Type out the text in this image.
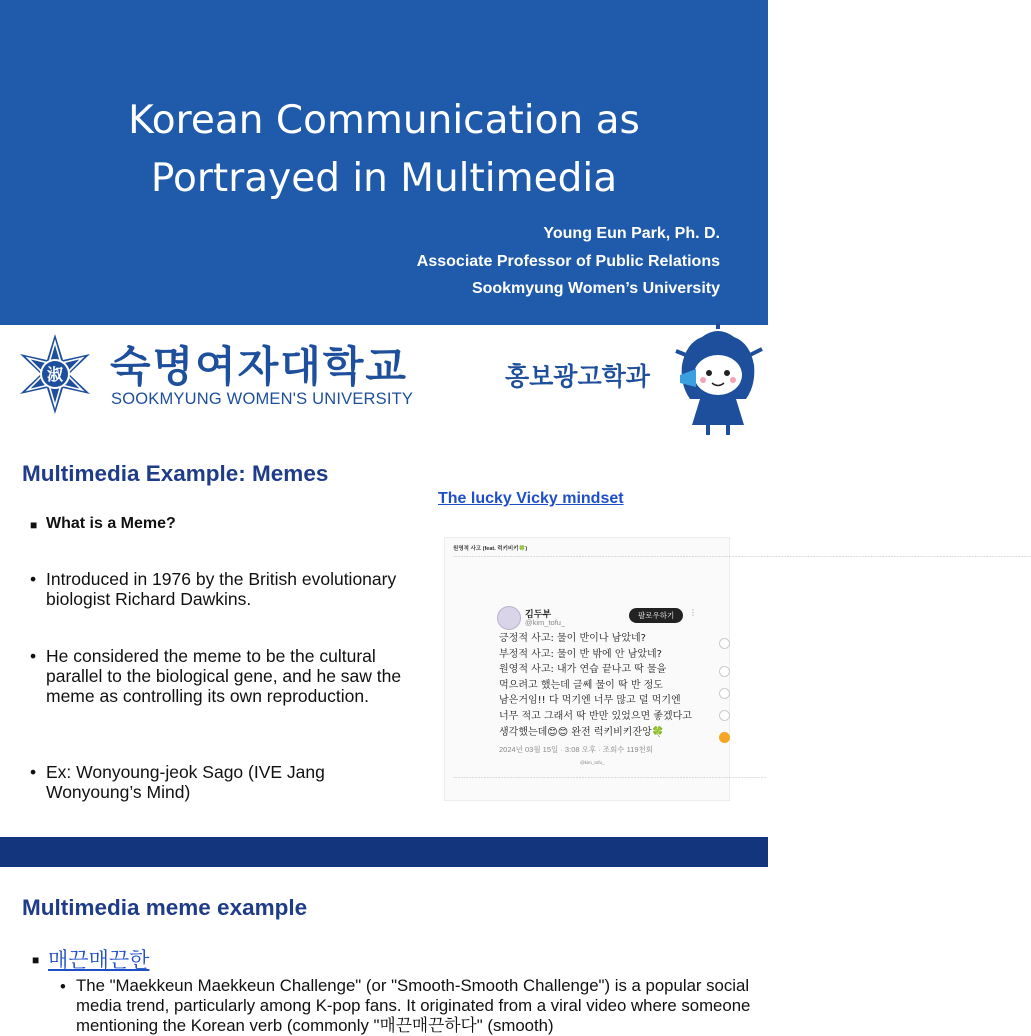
Korean Communication as
Portrayed in Multimedia
Young Eun Park, Ph. D.
Associate Professor of Public Relations
Sookmyung Women’s University
淑 숙명여자대학교
SOOKMYUNG WOMEN'S UNIVERSITY
홍보광고학과
Multimedia Example: Memes
The lucky Vicky mindset
■ What is a Meme?
• Introduced in 1976 by the British evolutionary biologist Richard Dawkins.
• He considered the meme to be the cultural parallel to the biological gene, and he saw the meme as controlling its own reproduction.
• Ex: Wonyoung-jeok Sago (IVE Jang Wonyoung’s Mind)
원영적 사고 (feat. 럭키비키🍀)
··························································································································································································································································································································································································
김두부
@kim_tofu_
팔로우하기	⋮
긍정적 사고: 물이 반이나 남았네?
부정적 사고: 물이 반 밖에 안 남았네?
원영적 사고: 내가 연습 끝나고 딱 물을
먹으려고 했는데 글쎄 물이 딱 반 정도
남은거임!! 다 먹기엔 너무 많고 덜 먹기엔
너무 적고 그래서 딱 반만 있었으면 좋겠다고
생각했는데😊😊 완전 럭키비키잔앙🍀
2024년 03월 15일 · 3:08 오후 · 조회수 119천회
@kim_tofu_
·············································································································································································································
Multimedia meme example
■ 매끈매끈한
• The "Maekkeun Maekkeun Challenge" (or "Smooth-Smooth Challenge") is a popular social media trend, particularly among K-pop fans. It originated from a viral video where someone mentioning the Korean verb (commonly "매끈매끈하다" (smooth)
